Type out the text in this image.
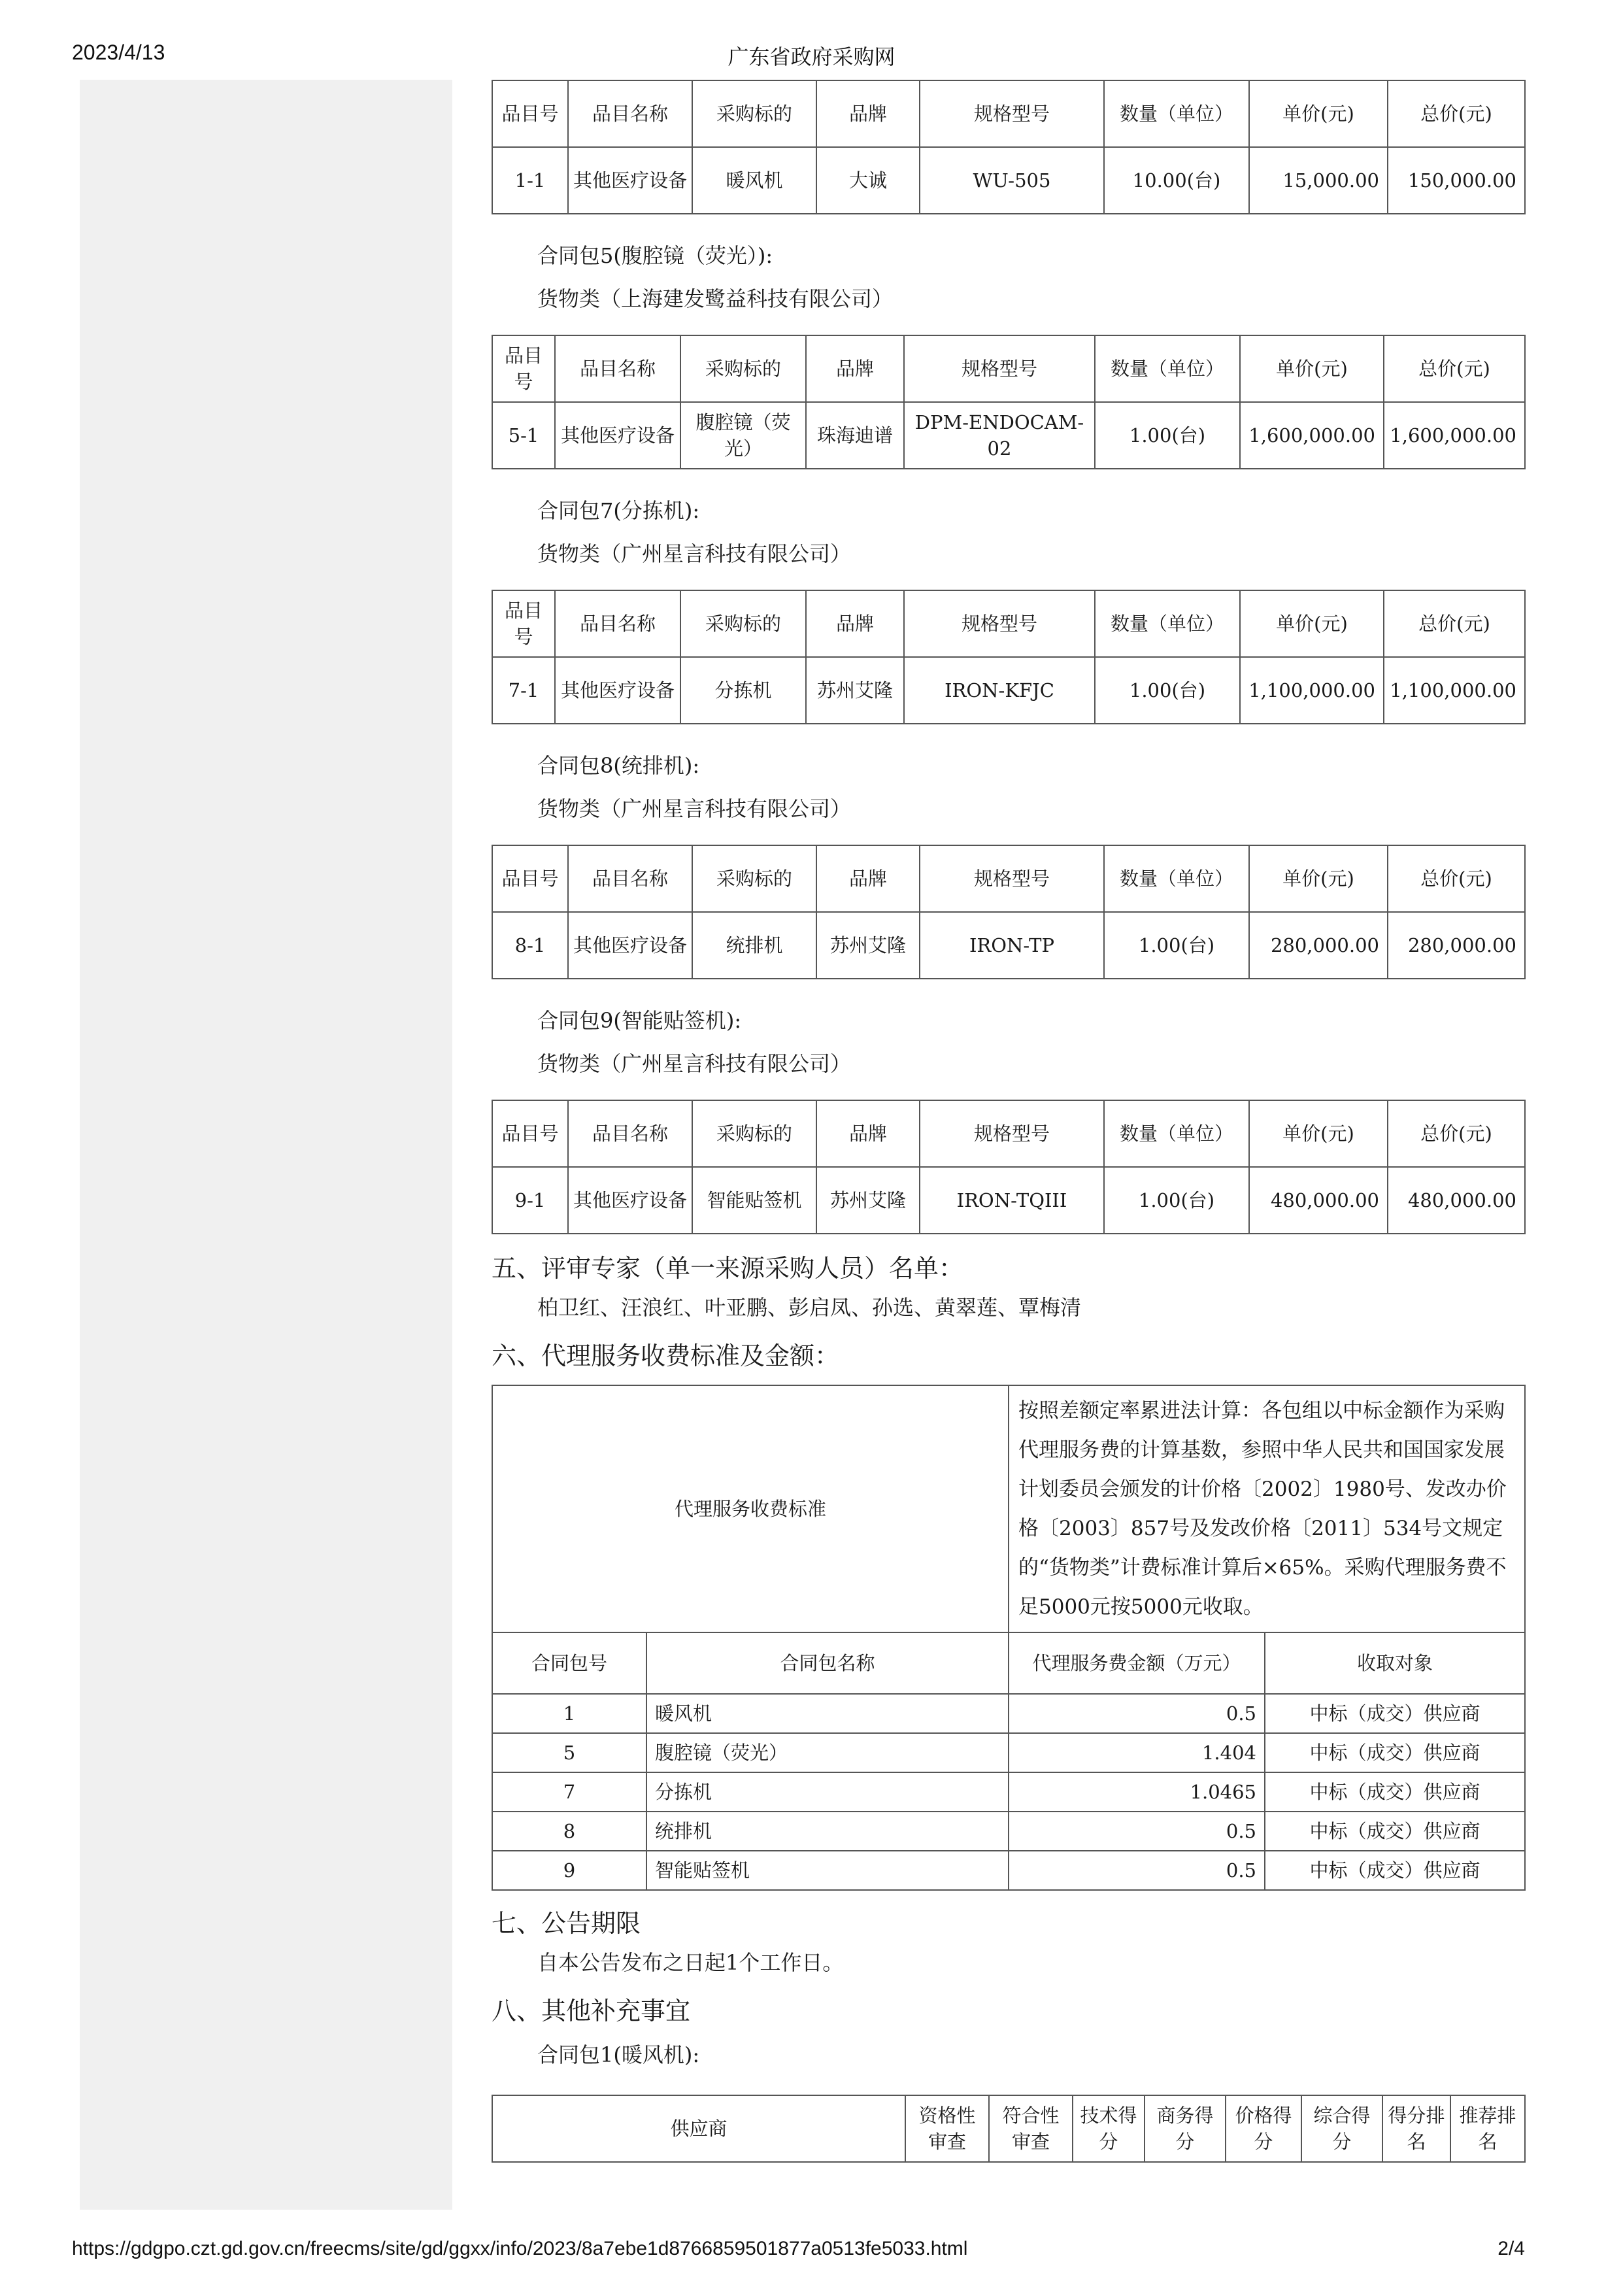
2023/4/13	广东省政府采购网
品目号	品目名称	采购标的	品牌	规格型号	数量（单位）	单价(元)	总价(元)
1-1	其他医疗设备	暖风机	大诚	WU-505	10.00(台)	15,000.00	150,000.00
合同包5(腹腔镜（荧光）):
货物类（上海建发鹭益科技有限公司）
品目号	品目名称	采购标的	品牌	规格型号	数量（单位）	单价(元)	总价(元)
5-1	其他医疗设备	腹腔镜（荧光）	珠海迪谱	DPM-ENDOCAM-02	1.00(台)	1,600,000.00	1,600,000.00
合同包7(分拣机):
货物类（广州星言科技有限公司）
品目号	品目名称	采购标的	品牌	规格型号	数量（单位）	单价(元)	总价(元)
7-1	其他医疗设备	分拣机	苏州艾隆	IRON-KFJC	1.00(台)	1,100,000.00	1,100,000.00
合同包8(统排机):
货物类（广州星言科技有限公司）
品目号	品目名称	采购标的	品牌	规格型号	数量（单位）	单价(元)	总价(元)
8-1	其他医疗设备	统排机	苏州艾隆	IRON-TP	1.00(台)	280,000.00	280,000.00
合同包9(智能贴签机):
货物类（广州星言科技有限公司）
品目号	品目名称	采购标的	品牌	规格型号	数量（单位）	单价(元)	总价(元)
9-1	其他医疗设备	智能贴签机	苏州艾隆	IRON-TQIII	1.00(台)	480,000.00	480,000.00
五、评审专家（单一来源采购人员）名单：
柏卫红、汪浪红、叶亚鹏、彭启凤、孙选、黄翠莲、覃梅清
六、代理服务收费标准及金额：
代理服务收费标准		按照差额定率累进法计算：各包组以中标金额作为采购代理服务费的计算基数，参照中华人民共和国国家发展计划委员会颁发的计价格〔2002〕1980号、发改办价格〔2003〕857号及发改价格〔2011〕534号文规定的“货物类”计费标准计算后×65%。采购代理服务费不足5000元按5000元收取。	
合同包号	合同包名称	代理服务费金额（万元）	收取对象
1	暖风机	0.5	中标（成交）供应商
5	腹腔镜（荧光）	1.404	中标（成交）供应商
7	分拣机	1.0465	中标（成交）供应商
8	统排机	0.5	中标（成交）供应商
9	智能贴签机	0.5	中标（成交）供应商
七、公告期限
自本公告发布之日起1个工作日。
八、其他补充事宜
合同包1(暖风机):
供应商	资格性审查	符合性审查	技术得分	商务得分	价格得分	综合得分	得分排名	推荐排名
https://gdgpo.czt.gd.gov.cn/freecms/site/gd/ggxx/info/2023/8a7ebe1d8766859501877a0513fe5033.html	2/4
